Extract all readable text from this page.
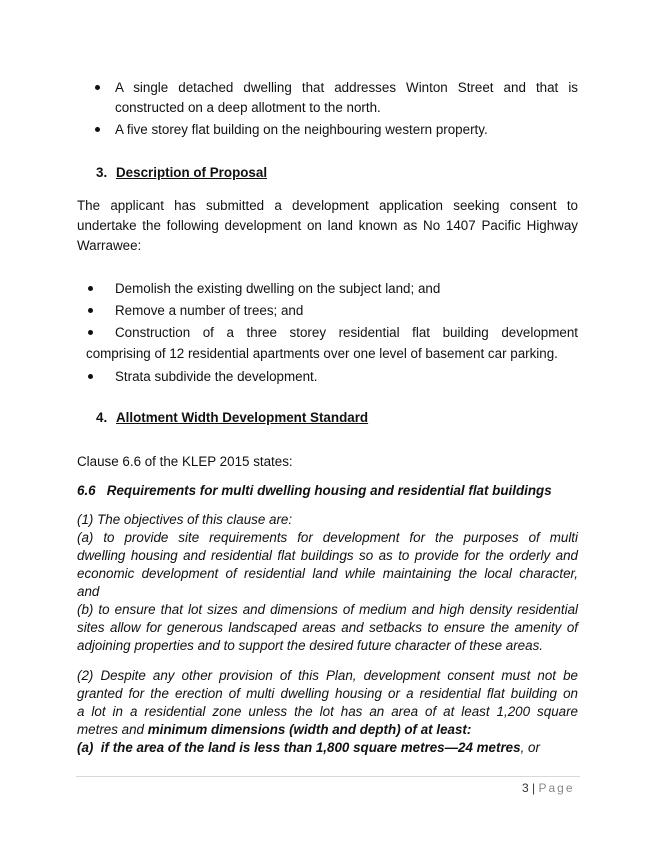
A single detached dwelling that addresses Winton Street and that is
constructed on a deep allotment to the north.
A five storey flat building on the neighbouring western property.
3. Description of Proposal
The applicant has submitted a development application seeking consent to
undertake the following development on land known as No 1407 Pacific Highway
Warrawee:
Demolish the existing dwelling on the subject land; and
Remove a number of trees; and
Construction of a three storey residential flat building development
comprising of 12 residential apartments over one level of basement car parking.
Strata subdivide the development.
4. Allotment Width Development Standard
Clause 6.6 of the KLEP 2015 states:
6.6   Requirements for multi dwelling housing and residential flat buildings
(1) The objectives of this clause are:
(a) to provide site requirements for development for the purposes of multi
dwelling housing and residential flat buildings so as to provide for the orderly and
economic development of residential land while maintaining the local character,
and
(b) to ensure that lot sizes and dimensions of medium and high density residential
sites allow for generous landscaped areas and setbacks to ensure the amenity of
adjoining properties and to support the desired future character of these areas.
(2) Despite any other provision of this Plan, development consent must not be
granted for the erection of multi dwelling housing or a residential flat building on
a lot in a residential zone unless the lot has an area of at least 1,200 square
metres and minimum dimensions (width and depth) of at least:
(a)  if the area of the land is less than 1,800 square metres—24 metres, or
3 | Page
